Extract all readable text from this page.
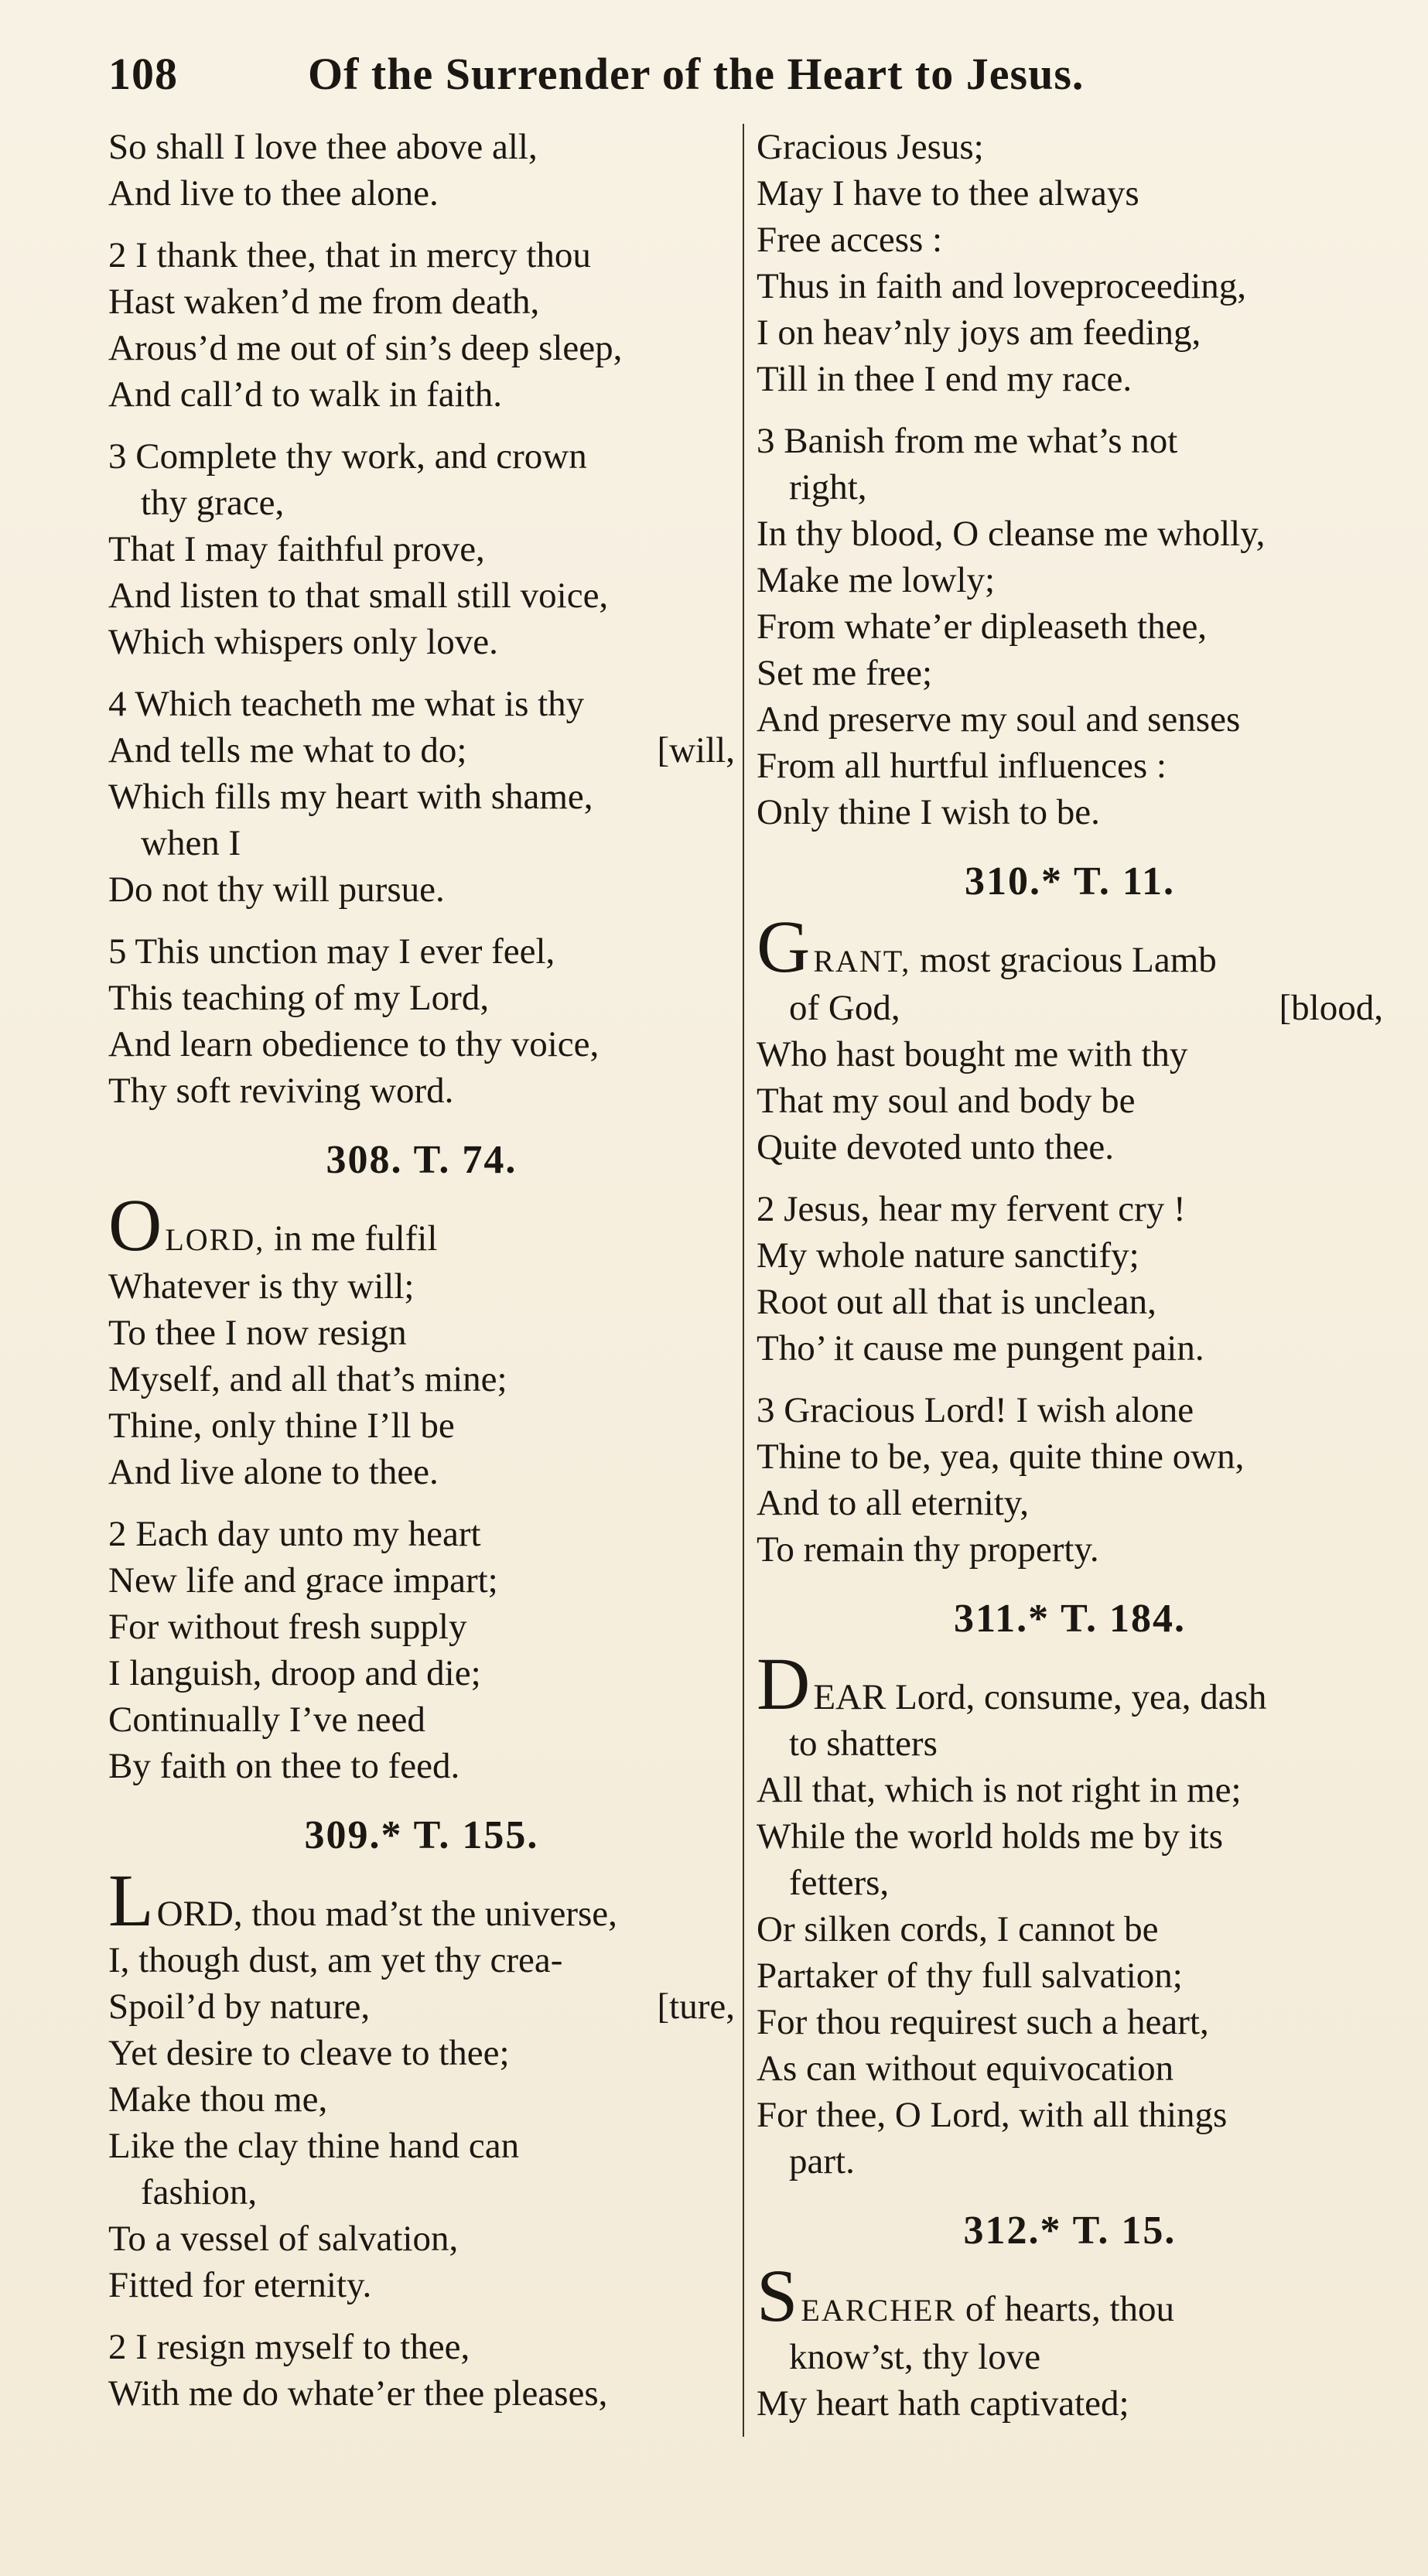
108	Of the Surrender of the Heart to Jesus.
So shall I love thee above all,
And live to thee alone.
2 I thank thee, that in mercy thou
Hast waken’d me from death,
Arous’d me out of sin’s deep sleep,
And call’d to walk in faith.
3 Complete thy work, and crown
thy grace,
That I may faithful prove,
And listen to that small still voice,
Which whispers only love.
4 Which teacheth me what is thy
And tells me what to do;	[will,
Which fills my heart with shame,
when I
Do not thy will pursue.
5 This unction may I ever feel,
This teaching of my Lord,
And learn obedience to thy voice,
Thy soft reviving word.
308. T. 74.
OLORD, in me fulfil
Whatever is thy will;
To thee I now resign
Myself, and all that’s mine;
Thine, only thine I’ll be
And live alone to thee.
2 Each day unto my heart
New life and grace impart;
For without fresh supply
I languish, droop and die;
Continually I’ve need
By faith on thee to feed.
309.* T. 155.
LORD, thou mad’st the universe,
I, though dust, am yet thy crea-
Spoil’d by nature,	[ture,
Yet desire to cleave to thee;
Make thou me,
Like the clay thine hand can
fashion,
To a vessel of salvation,
Fitted for eternity.
2 I resign myself to thee,
With me do whate’er thee pleases,
Gracious Jesus;
May I have to thee always
Free access :
Thus in faith and loveproceeding,
I on heav’nly joys am feeding,
Till in thee I end my race.
3 Banish from me what’s not
right,
In thy blood, O cleanse me wholly,
Make me lowly;
From whate’er dipleaseth thee,
Set me free;
And preserve my soul and senses
From all hurtful influences :
Only thine I wish to be.
310.* T. 11.
GRANT, most gracious Lamb
of God,	[blood,
Who hast bought me with thy
That my soul and body be
Quite devoted unto thee.
2 Jesus, hear my fervent cry !
My whole nature sanctify;
Root out all that is unclean,
Tho’ it cause me pungent pain.
3 Gracious Lord! I wish alone
Thine to be, yea, quite thine own,
And to all eternity,
To remain thy property.
311.* T. 184.
DEAR Lord, consume, yea, dash
to shatters
All that, which is not right in me;
While the world holds me by its
fetters,
Or silken cords, I cannot be
Partaker of thy full salvation;
For thou requirest such a heart,
As can without equivocation
For thee, O Lord, with all things
part.
312.* T. 15.
SEARCHER of hearts, thou
know’st, thy love
My heart hath captivated;
